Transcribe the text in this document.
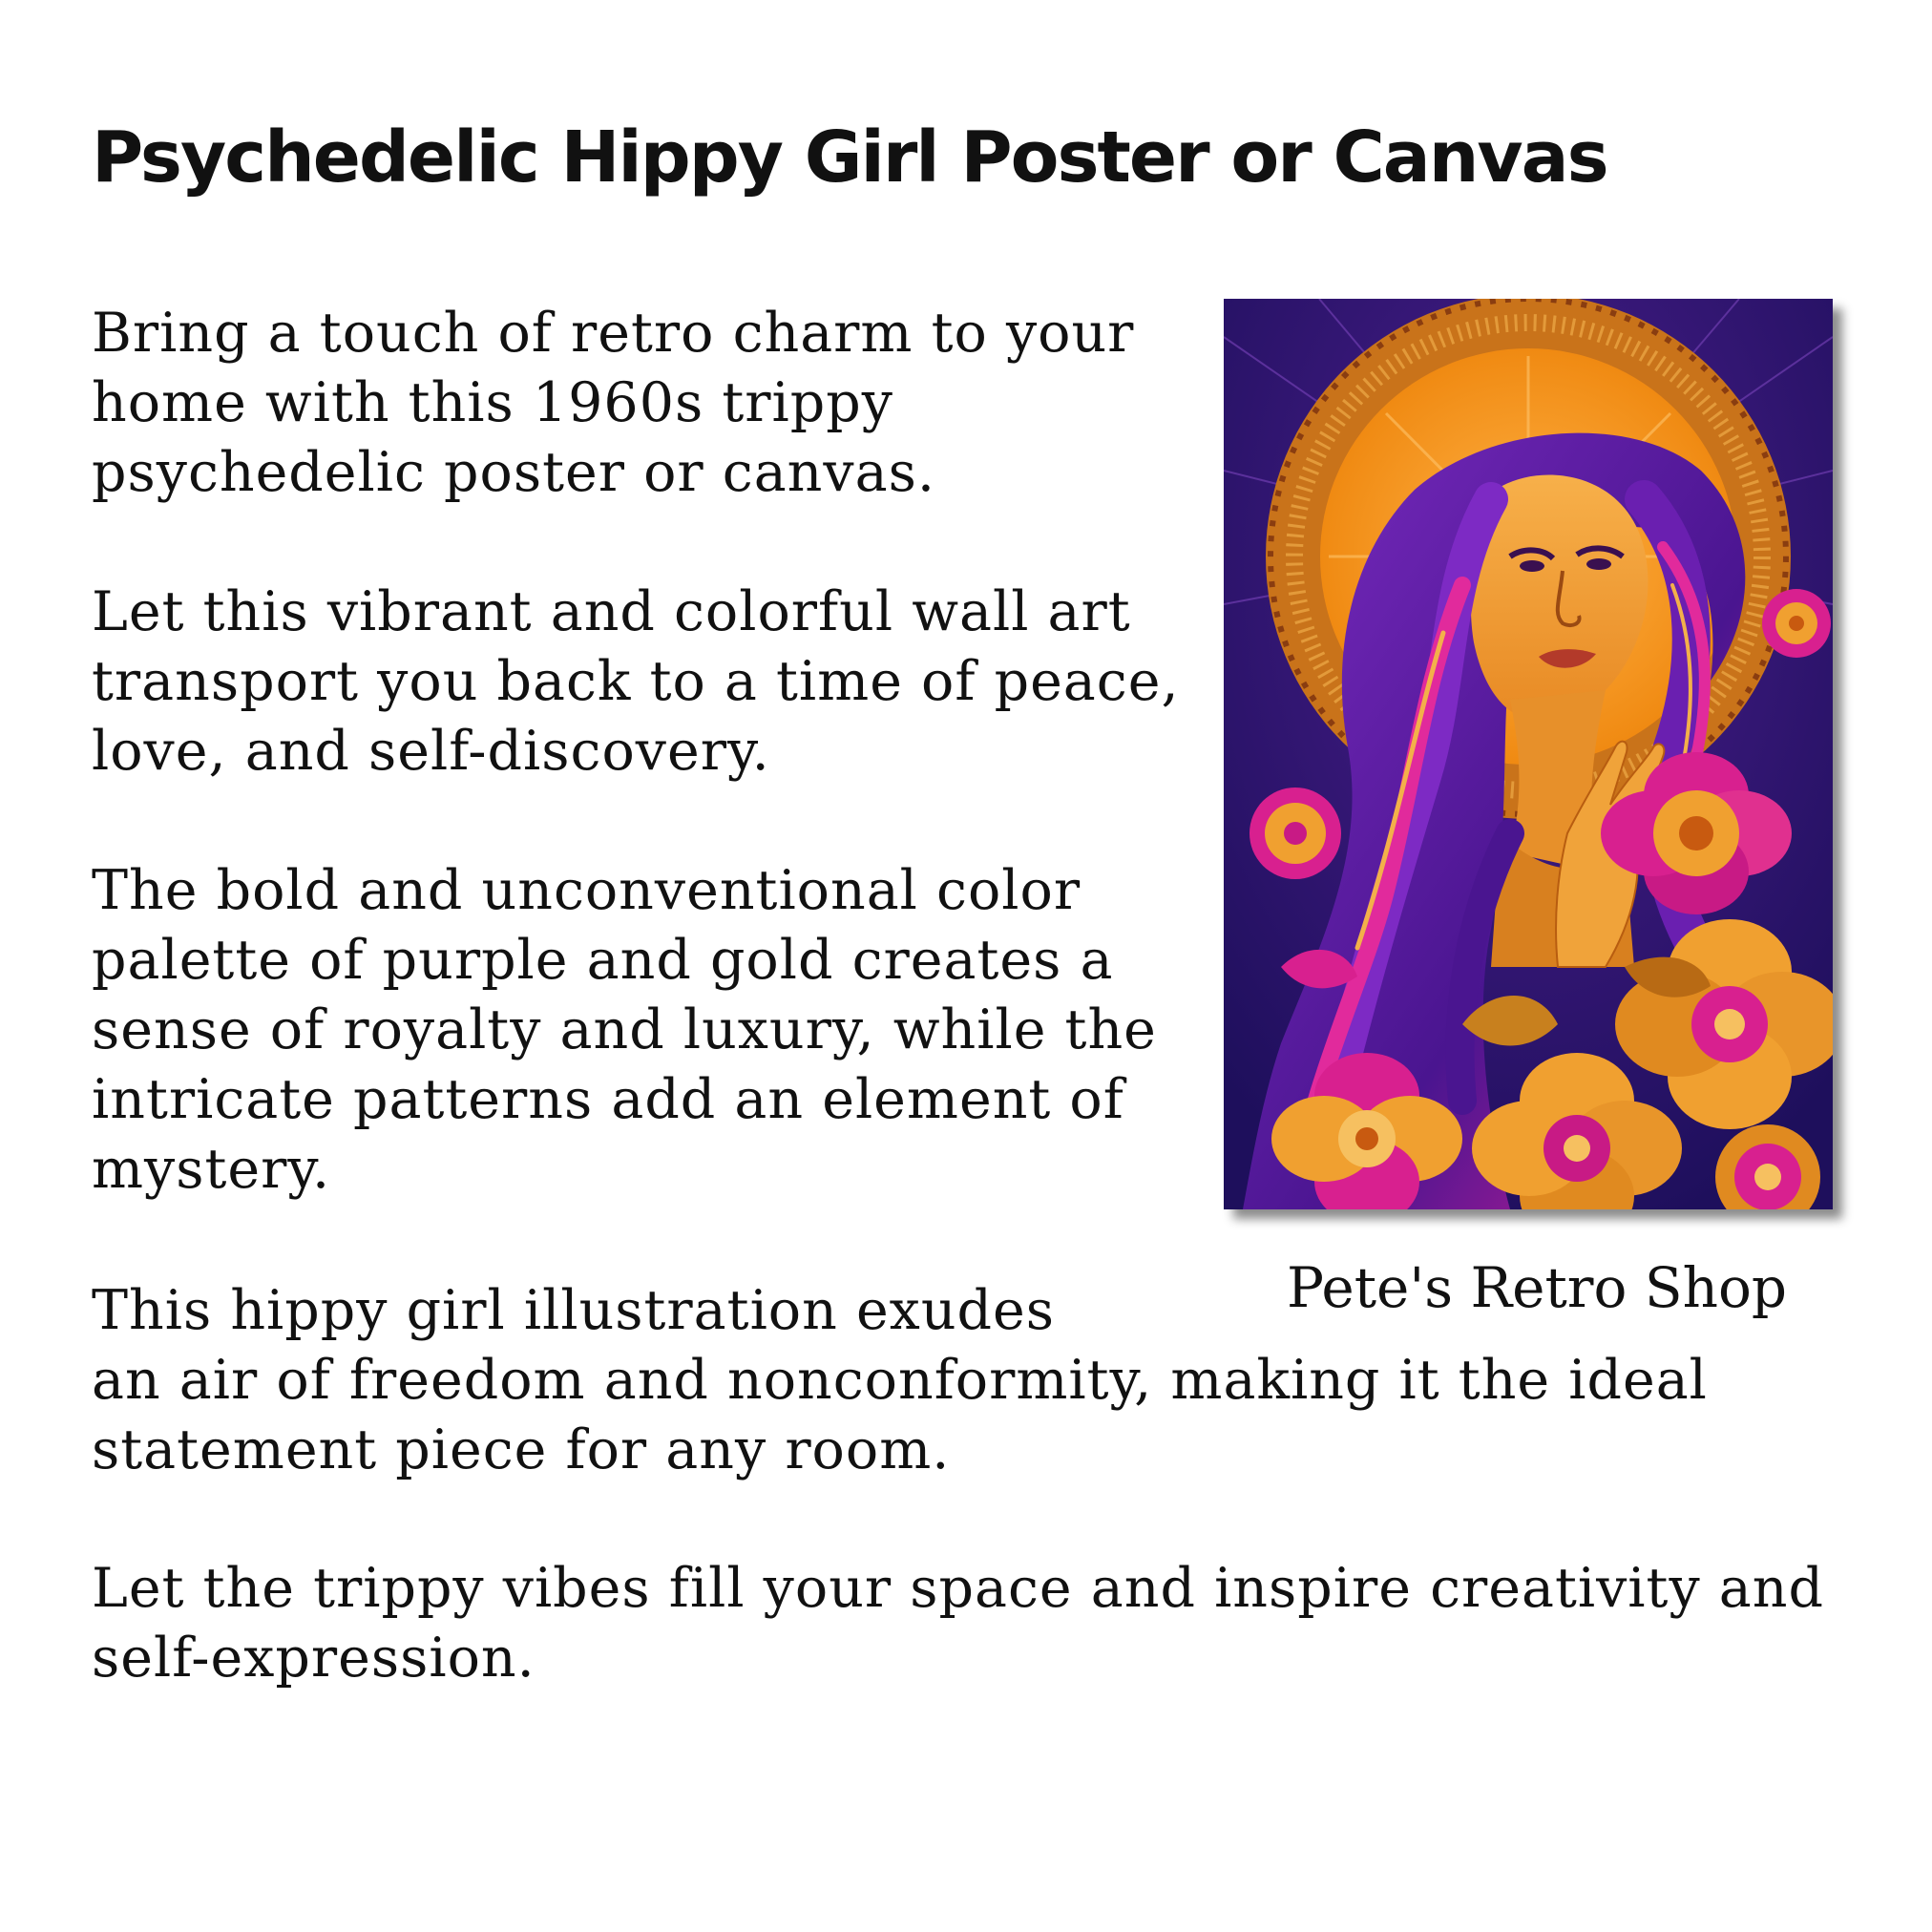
Psychedelic Hippy Girl Poster or Canvas

Bring a touch of retro charm to your home with this 1960s trippy psychedelic poster or canvas.

Let this vibrant and colorful wall art transport you back to a time of peace, love, and self-discovery.

The bold and unconventional color palette of purple and gold creates a sense of royalty and luxury, while the intricate patterns add an element of mystery.

This hippy girl illustration exudes

an air of freedom and nonconformity, making it the ideal statement piece for any room.

Let the trippy vibes fill your space and inspire creativity and self-expression.

Pete's Retro Shop
